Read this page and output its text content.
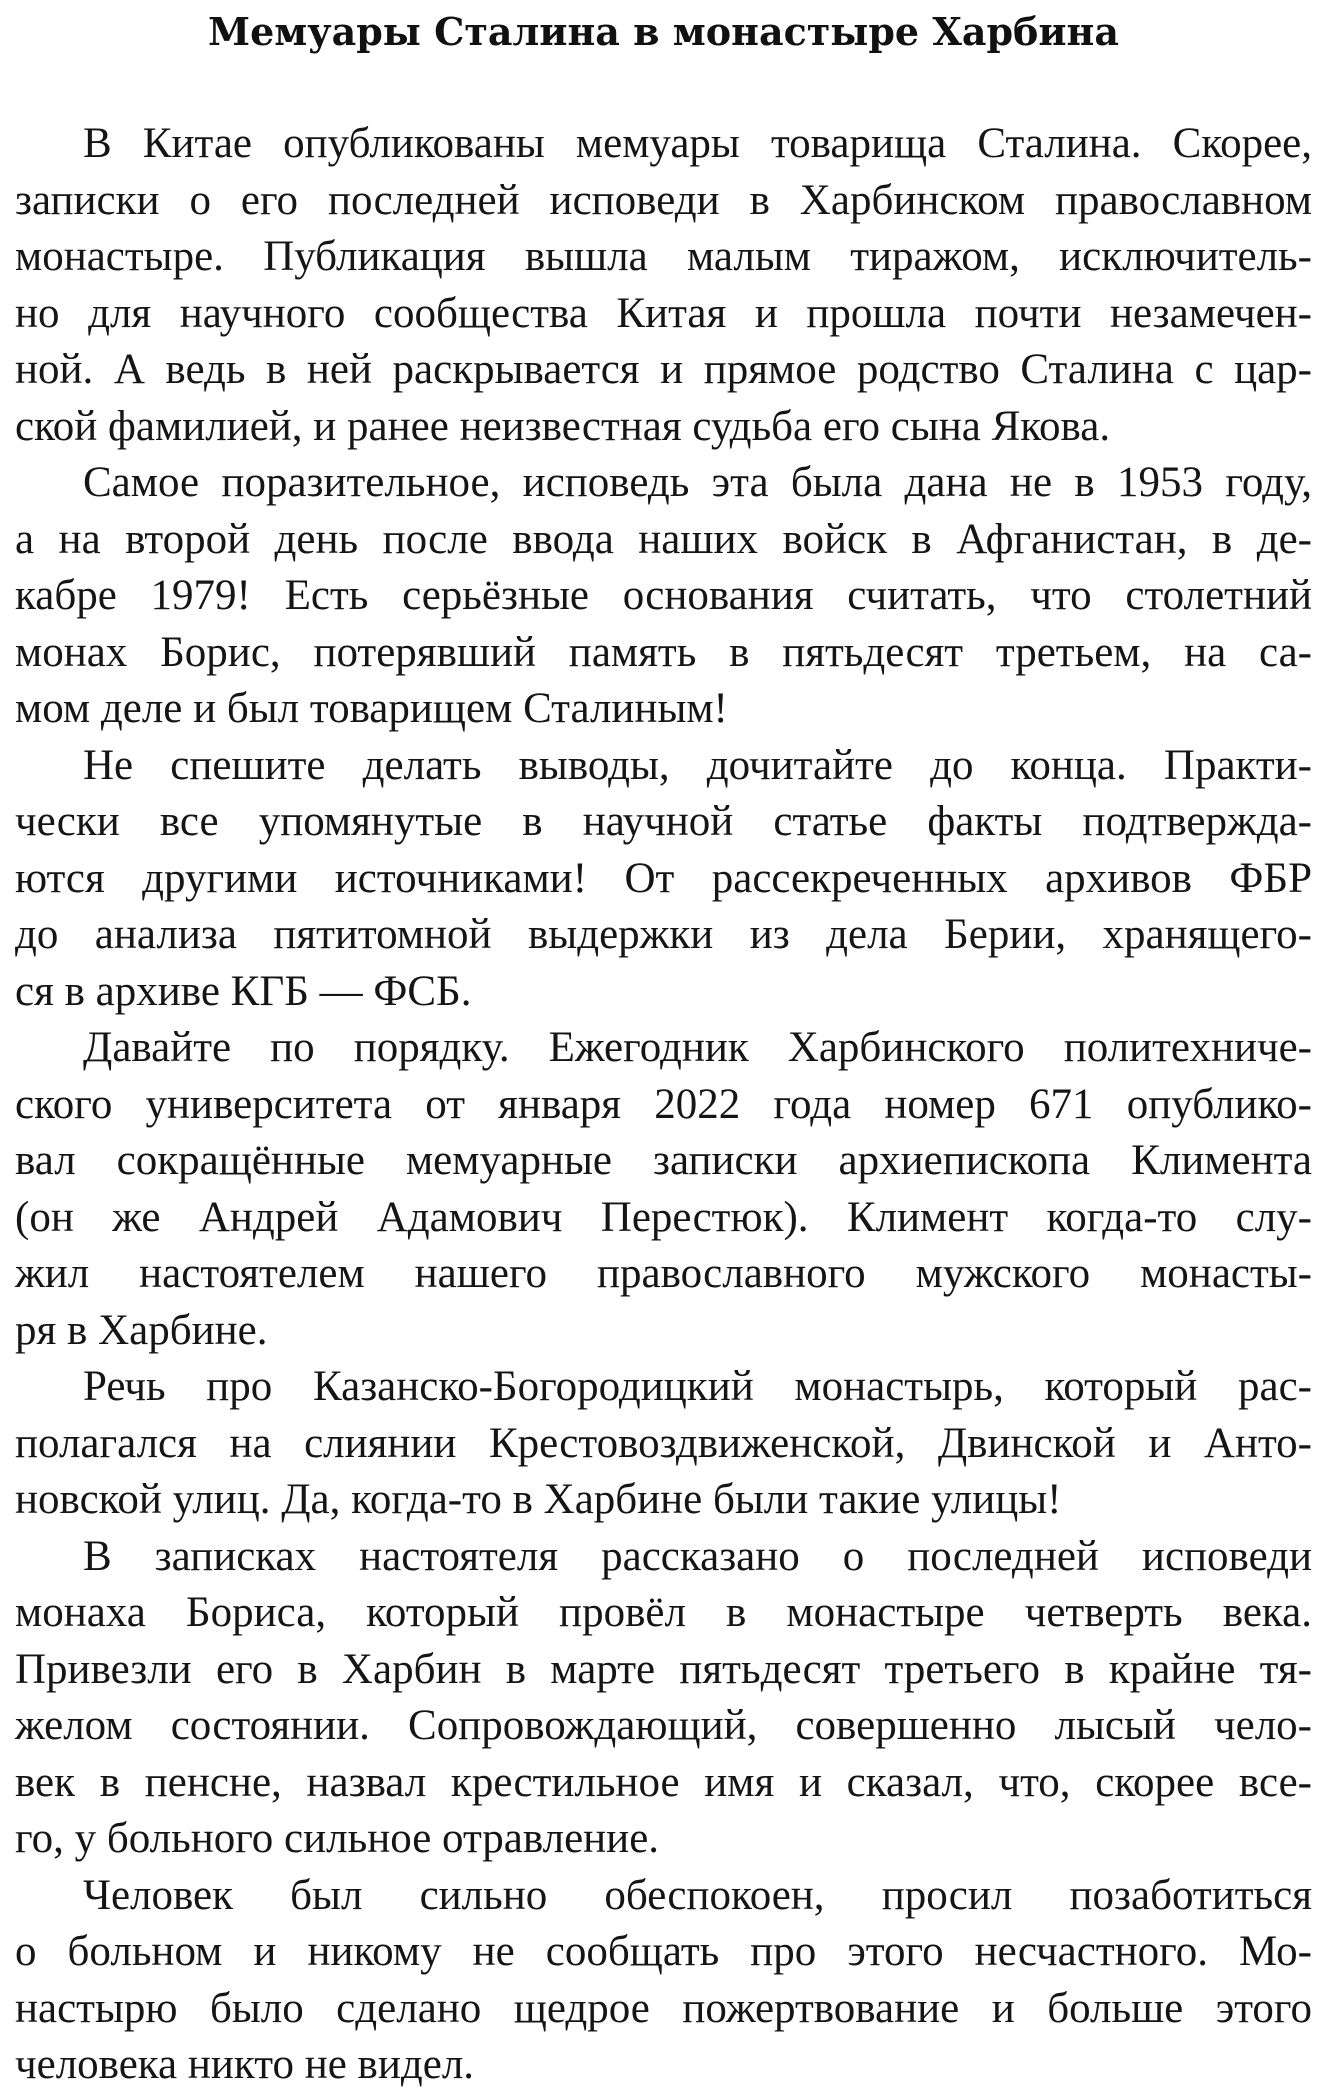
Мемуары Сталина в монастыре Харбина
В Китае опубликованы мемуары товарища Сталина. Скорее,
записки о его последней исповеди в Харбинском православном
монастыре. Публикация вышла малым тиражом, исключитель-
но для научного сообщества Китая и прошла почти незамечен-
ной. А ведь в ней раскрывается и прямое родство Сталина с цар-
ской фамилией, и ранее неизвестная судьба его сына Якова.
Самое поразительное, исповедь эта была дана не в 1953 году,
а на второй день после ввода наших войск в Афганистан, в де-
кабре 1979! Есть серьёзные основания считать, что столетний
монах Борис, потерявший память в пятьдесят третьем, на са-
мом деле и был товарищем Сталиным!
Не спешите делать выводы, дочитайте до конца. Практи-
чески все упомянутые в научной статье факты подтвержда-
ются другими источниками! От рассекреченных архивов ФБР
до анализа пятитомной выдержки из дела Берии, хранящего-
ся в архиве КГБ — ФСБ.
Давайте по порядку. Ежегодник Харбинского политехниче-
ского университета от января 2022 года номер 671 опублико-
вал сокращённые мемуарные записки архиепископа Климента
(он же Андрей Адамович Перестюк). Климент когда-то слу-
жил настоятелем нашего православного мужского монасты-
ря в Харбине.
Речь про Казанско-Богородицкий монастырь, который рас-
полагался на слиянии Крестовоздвиженской, Двинской и Анто-
новской улиц. Да, когда-то в Харбине были такие улицы!
В записках настоятеля рассказано о последней исповеди
монаха Бориса, который провёл в монастыре четверть века.
Привезли его в Харбин в марте пятьдесят третьего в крайне тя-
желом состоянии. Сопровождающий, совершенно лысый чело-
век в пенсне, назвал крестильное имя и сказал, что, скорее все-
го, у больного сильное отравление.
Человек был сильно обеспокоен, просил позаботиться
о больном и никому не сообщать про этого несчастного. Мо-
настырю было сделано щедрое пожертвование и больше этого
человека никто не видел.
